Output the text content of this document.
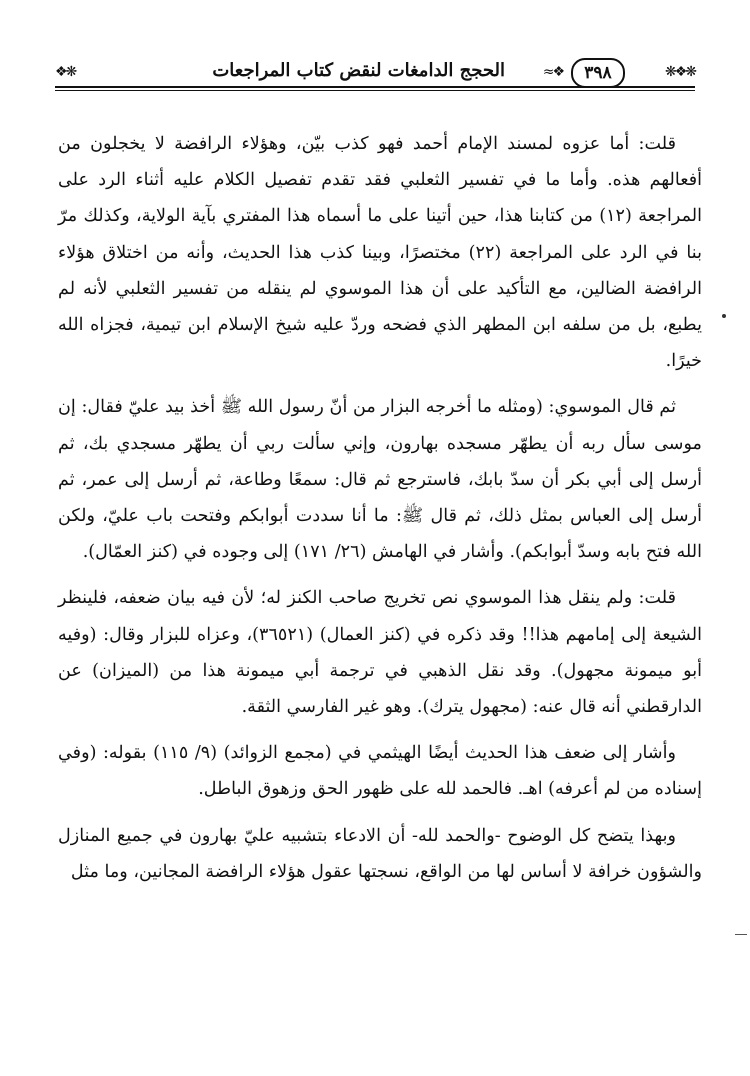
❋❖❋
٣٩٨
❖≈
الحجج الدامغات لنقض كتاب المراجعات
❋❖

قلت: أما عزوه لمسند الإمام أحمد فهو كذب بيّن، وهؤلاء الرافضة لا يخجلون من أفعالهم هذه. وأما ما في تفسير الثعلبي فقد تقدم تفصيل الكلام عليه أثناء الرد على المراجعة (١٢) من كتابنا هذا، حين أتينا على ما أسماه هذا المفتري بآية الولاية، وكذلك مرّ بنا في الرد على المراجعة (٢٢) مختصرًا، وبينا كذب هذا الحديث، وأنه من اختلاق هؤلاء الرافضة الضالين، مع التأكيد على أن هذا الموسوي لم ينقله من تفسير الثعلبي لأنه لم يطبع، بل من سلفه ابن المطهر الذي فضحه وردّ عليه شيخ الإسلام ابن تيمية، فجزاه الله خيرًا.

ثم قال الموسوي: (ومثله ما أخرجه البزار من أنّ رسول الله ﷺ أخذ بيد عليّ فقال: إن موسى سأل ربه أن يطهّر مسجده بهارون، وإني سألت ربي أن يطهّر مسجدي بك، ثم أرسل إلى أبي بكر أن سدّ بابك، فاسترجع ثم قال: سمعًا وطاعة، ثم أرسل إلى عمر، ثم أرسل إلى العباس بمثل ذلك، ثم قال ﷺ: ما أنا سددت أبوابكم وفتحت باب عليّ، ولكن الله فتح بابه وسدّ أبوابكم). وأشار في الهامش (٢٦/ ١٧١) إلى وجوده في (كنز العمّال).

قلت: ولم ينقل هذا الموسوي نص تخريج صاحب الكنز له؛ لأن فيه بيان ضعفه، فلينظر الشيعة إلى إمامهم هذا!! وقد ذكره في (كنز العمال) (٣٦٥٢١)، وعزاه للبزار وقال: (وفيه أبو ميمونة مجهول). وقد نقل الذهبي في ترجمة أبي ميمونة هذا من (الميزان) عن الدارقطني أنه قال عنه: (مجهول يترك). وهو غير الفارسي الثقة.

وأشار إلى ضعف هذا الحديث أيضًا الهيثمي في (مجمع الزوائد) (٩/ ١١٥) بقوله: (وفي إسناده من لم أعرفه) اهـ. فالحمد لله على ظهور الحق وزهوق الباطل.

وبهذا يتضح كل الوضوح -والحمد لله- أن الادعاء بتشبيه عليّ بهارون في جميع المنازل والشؤون خرافة لا أساس لها من الواقع، نسجتها عقول هؤلاء الرافضة المجانين، وما مثل
